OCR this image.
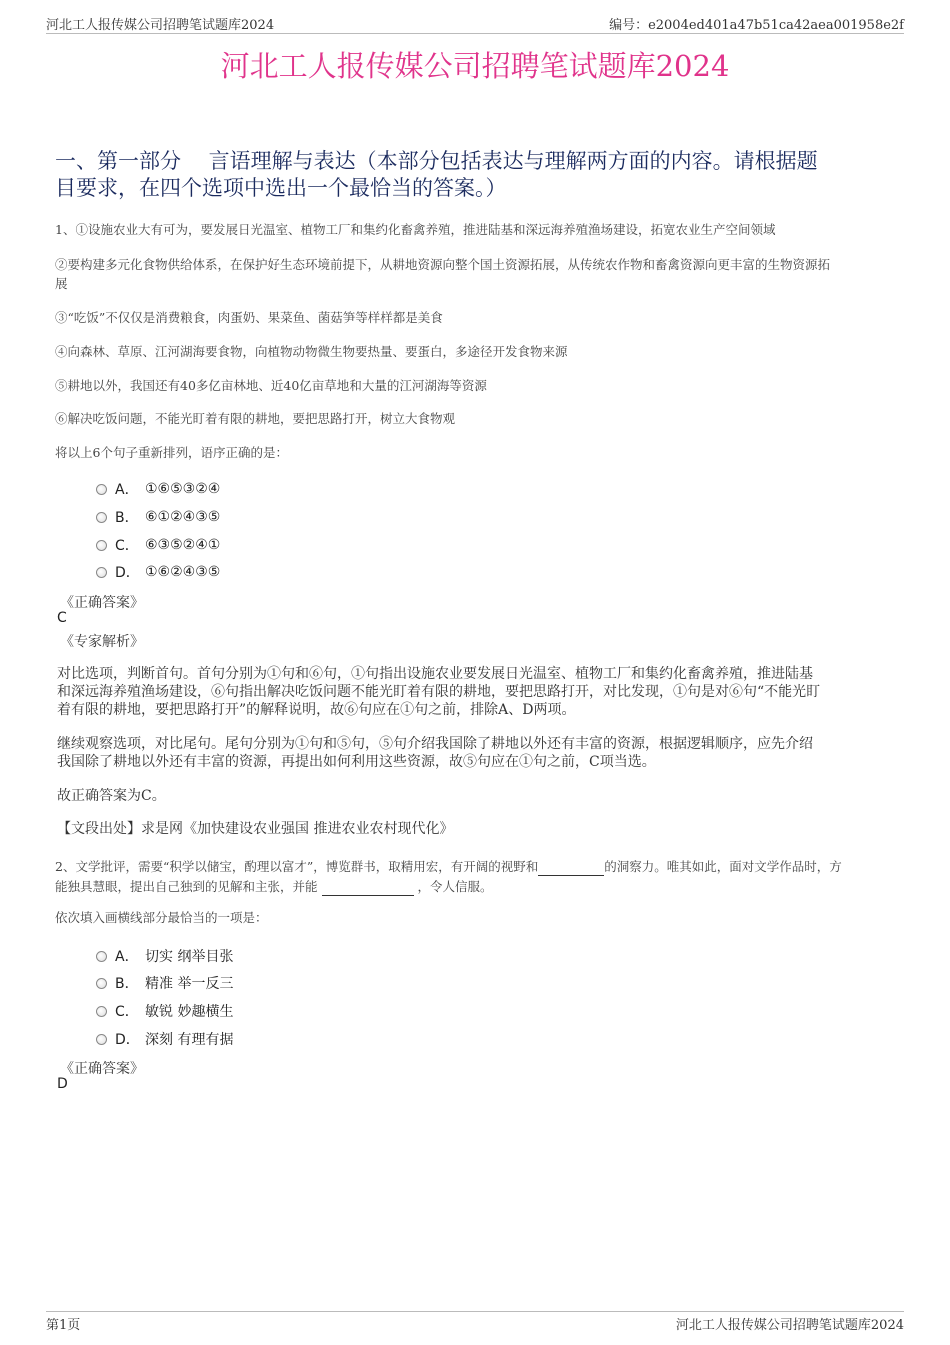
河北工人报传媒公司招聘笔试题库2024	编号：e2004ed401a47b51ca42aea001958e2f
河北工人报传媒公司招聘笔试题库2024
一、第一部分　 言语理解与表达（本部分包括表达与理解两方面的内容。请根据题
目要求，在四个选项中选出一个最恰当的答案。）
1、①设施农业大有可为，要发展日光温室、植物工厂和集约化畜禽养殖，推进陆基和深远海养殖渔场建设，拓宽农业生产空间领域
②要构建多元化食物供给体系，在保护好生态环境前提下，从耕地资源向整个国土资源拓展，从传统农作物和畜禽资源向更丰富的生物资源拓
展
③“吃饭”不仅仅是消费粮食，肉蛋奶、果菜鱼、菌菇笋等样样都是美食
④向森林、草原、江河湖海要食物，向植物动物微生物要热量、要蛋白，多途径开发食物来源
⑤耕地以外，我国还有40多亿亩林地、近40亿亩草地和大量的江河湖海等资源
⑥解决吃饭问题，不能光盯着有限的耕地，要把思路打开，树立大食物观
将以上6个句子重新排列，语序正确的是：
A． ①⑥⑤③②④
B． ⑥①②④③⑤
C． ⑥③⑤②④①
D． ①⑥②④③⑤
《正确答案》
C
《专家解析》
对比选项，判断首句。首句分别为①句和⑥句，①句指出设施农业要发展日光温室、植物工厂和集约化畜禽养殖，推进陆基
和深远海养殖渔场建设，⑥句指出解决吃饭问题不能光盯着有限的耕地，要把思路打开，对比发现，①句是对⑥句“不能光盯
着有限的耕地，要把思路打开”的解释说明，故⑥句应在①句之前，排除A、D两项。
继续观察选项，对比尾句。尾句分别为①句和⑤句，⑤句介绍我国除了耕地以外还有丰富的资源，根据逻辑顺序，应先介绍
我国除了耕地以外还有丰富的资源，再提出如何利用这些资源，故⑤句应在①句之前，C项当选。
故正确答案为C。
【文段出处】求是网《加快建设农业强国 推进农业农村现代化》
2、文学批评，需要“积学以储宝，酌理以富才”，博览群书，取精用宏，有开阔的视野和	的洞察力。唯其如此，面对文学作品时，方
能独具慧眼，提出自己独到的见解和主张，并能	，令人信服。
依次填入画横线部分最恰当的一项是：
A． 切实 纲举目张
B． 精准 举一反三
C． 敏锐 妙趣横生
D． 深刻 有理有据
《正确答案》
D
第1页	河北工人报传媒公司招聘笔试题库2024
